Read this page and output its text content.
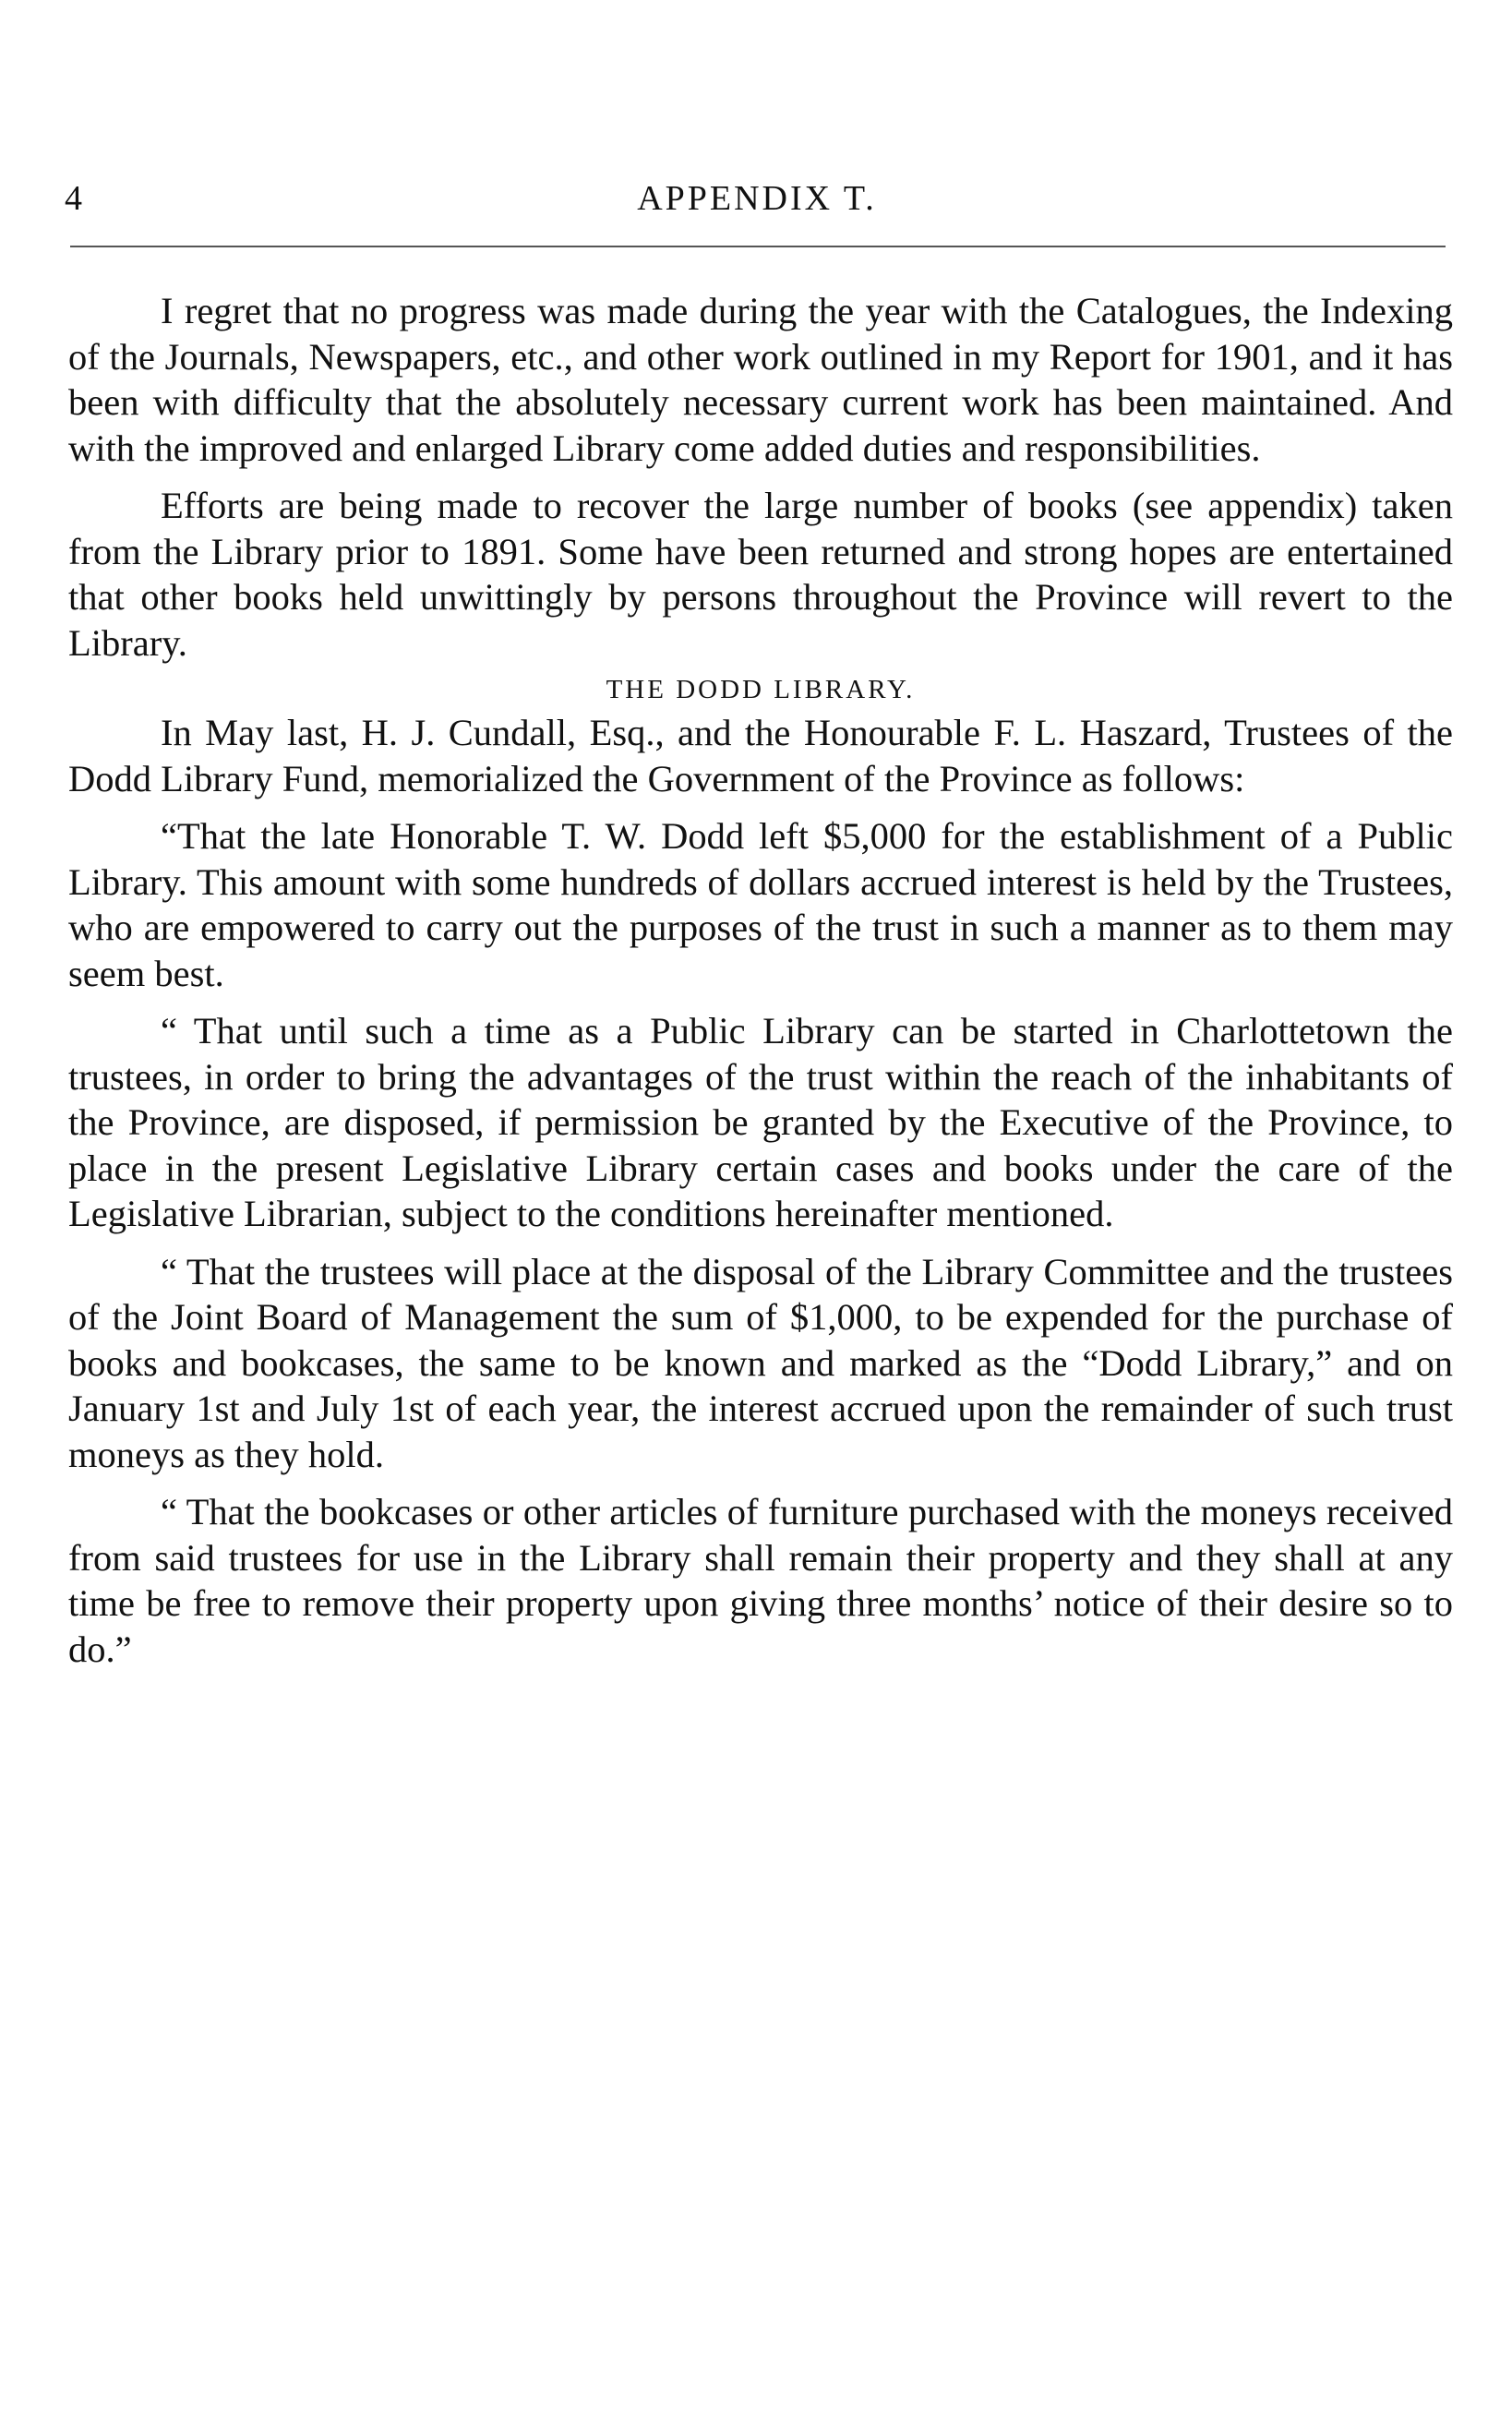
4	APPENDIX T.

I regret that no progress was made during the year with the Catalogues, the Indexing of the Journals, Newspapers, etc., and other work outlined in my Report for 1901, and it has been with difficulty that the absolutely necessary current work has been maintained. And with the improved and enlarged Library come added duties and responsibilities.

Efforts are being made to recover the large number of books (see appendix) taken from the Library prior to 1891. Some have been returned and strong hopes are entertained that other books held unwittingly by persons throughout the Province will revert to the Library.

THE DODD LIBRARY.

In May last, H. J. Cundall, Esq., and the Honourable F. L. Haszard, Trustees of the Dodd Library Fund, memorialized the Government of the Province as follows:

“That the late Honorable T. W. Dodd left $5,000 for the establishment of a Public Library. This amount with some hundreds of dollars accrued interest is held by the Trustees, who are empowered to carry out the purposes of the trust in such a manner as to them may seem best.

“ That until such a time as a Public Library can be started in Charlottetown the trustees, in order to bring the advantages of the trust within the reach of the inhabitants of the Province, are disposed, if permission be granted by the Executive of the Province, to place in the present Legislative Library certain cases and books under the care of the Legislative Librarian, subject to the conditions hereinafter mentioned.

“ That the trustees will place at the disposal of the Library Committee and the trustees of the Joint Board of Management the sum of $1,000, to be expended for the purchase of books and bookcases, the same to be known and marked as the “Dodd Library,” and on January 1st and July 1st of each year, the interest accrued upon the remainder of such trust moneys as they hold.

“ That the bookcases or other articles of furniture purchased with the moneys received from said trustees for use in the Library shall remain their property and they shall at any time be free to remove their property upon giving three months’ notice of their desire so to do.”
